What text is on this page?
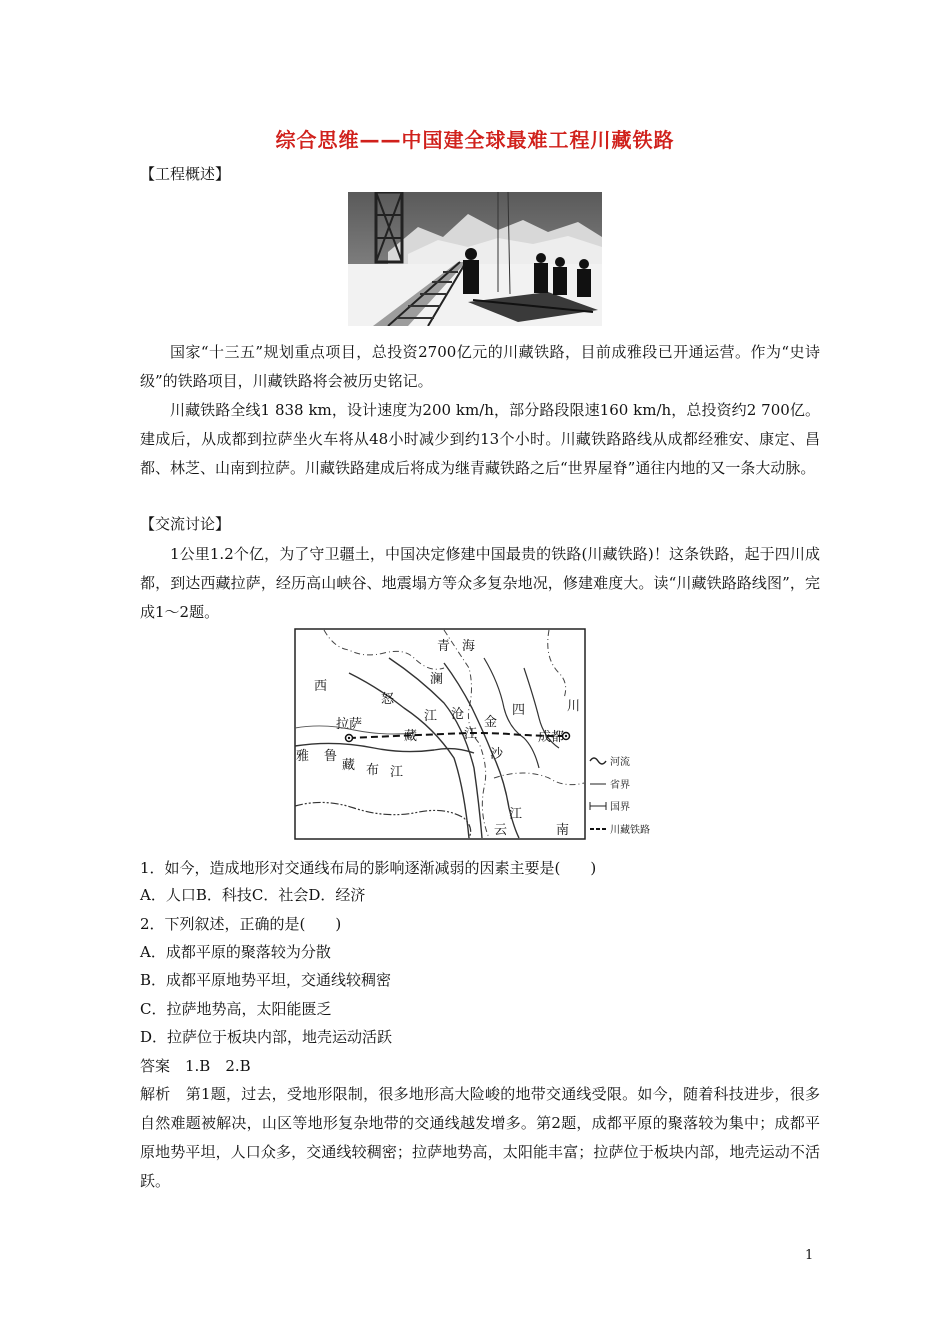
综合思维——中国建全球最难工程川藏铁路
【工程概述】

国家“十三五”规划重点项目，总投资2700亿元的川藏铁路，目前成雅段已开通运营。作为“史诗级”的铁路项目，川藏铁路将会被历史铭记。

川藏铁路全线1 838 km，设计速度为200 km/h，部分路段限速160 km/h，总投资约2 700亿。建成后，从成都到拉萨坐火车将从48小时减少到约13个小时。川藏铁路路线从成都经雅安、康定、昌都、林芝、山南到拉萨。川藏铁路建成后将成为继青藏铁路之后“世界屋脊”通往内地的又一条大动脉。

【交流讨论】

1公里1.2个亿，为了守卫疆土，中国决定修建中国最贵的铁路(川藏铁路)！这条铁路，起于四川成都，到达西藏拉萨，经历高山峡谷、地震塌方等众多复杂地况，修建难度大。读“川藏铁路路线图”，完成1～2题。

青 海
西
藏
怒
江
澜
沧
江
金
沙
江
四	川
云	南
拉萨
成都
雅 鲁
藏 布 江
河流
省界
国界
川藏铁路
1．如今，造成地形对交通线布局的影响逐渐减弱的因素主要是(　　)
A．人口B．科技C．社会D．经济
2．下列叙述，正确的是(　　)
A．成都平原的聚落较为分散
B．成都平原地势平坦，交通线较稠密
C．拉萨地势高，太阳能匮乏
D．拉萨位于板块内部，地壳运动活跃
答案　1.B　2.B

解析　第1题，过去，受地形限制，很多地形高大险峻的地带交通线受限。如今，随着科技进步，很多自然难题被解决，山区等地形复杂地带的交通线越发增多。第2题，成都平原的聚落较为集中；成都平原地势平坦，人口众多，交通线较稠密；拉萨地势高，太阳能丰富；拉萨位于板块内部，地壳运动不活跃。

1
